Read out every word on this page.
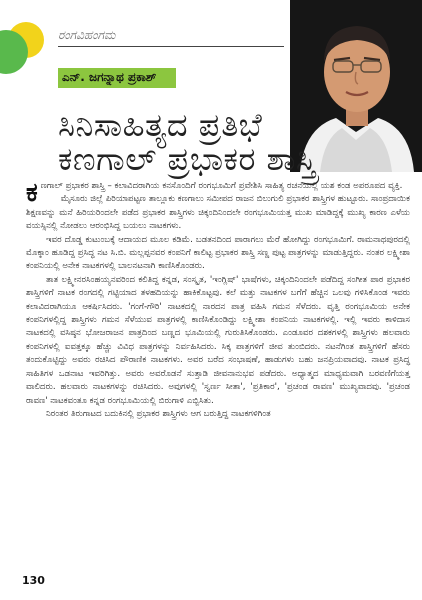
ರಂಗವಿಹಂಗಮ
ಎನ್. ಜಗನ್ನಾಥ ಪ್ರಕಾಶ್
ಸಿನಿಸಾಹಿತ್ಯದ ಪ್ರತಿಭೆ
ಕಣಗಾಲ್ ಪ್ರಭಾಕರ ಶಾಸ್ತ್ರಿ

ಕಣಗಾಲ್ ಪ್ರಭಾಕರ ಶಾಸ್ತ್ರಿ – ಕಲಾವಿದರಾಗಿಯ ಕನಸೊಂದಿಗೆ ರಂಗಭೂಮಿಗೆ ಪ್ರವೇಶಿಸಿ ಸಾಹಿತ್ಯ ರಚನೆಯಲ್ಲಿ ಯಶ ಕಂಡ ಅಪರೂಪದ ವ್ಯಕ್ತಿ.

ಮೈಸೂರು ಜಿಲ್ಲೆ ಪಿರಿಯಾಪಟ್ಟಣ ತಾಲ್ಲೂಕು ಕಣಗಾಲು ಸಮೀಪದ ರಾಜನ ಬಿಲುಗುಲಿ ಪ್ರಭಾಕರ ಶಾಸ್ತ್ರಿಗಳ ಹುಟ್ಟೂರು. ಸಾಂಪ್ರದಾಯಿಕ ಶಿಕ್ಷಣವನ್ನು ಮನೆ ಹಿರಿಯರಿಂದಲೇ ಪಡೆದ ಪ್ರಭಾಕರ ಶಾಸ್ತ್ರಿಗಳು ಚಿಕ್ಕಂದಿನಿಂದಲೇ ರಂಗಭೂಮಿಯತ್ತ ಮುಖ ಮಾಡಿದ್ದಕ್ಕೆ ಮುಖ್ಯ ಕಾರಣ ಎಳೆಯ ವಯಸ್ಸಿನಲ್ಲಿ ನೋಡಲು ಆರಂಭಿಸಿದ್ದ ಬಯಲು ನಾಟಕಗಳು.

ಇವರ ದೊಡ್ಡ ಕುಟುಂಬಕ್ಕೆ ಆದಾಯದ ಮೂಲ ಕಡಿಮೆ. ಬಡತನದಿಂದ ಪಾರಾಗಲು ಮೆರೆ ಹೋಗಿದ್ದು ರಂಗಭೂಮಿಗೆ. ರಾಮನಾಥಪುರದಲ್ಲಿ ಮೊಕ್ಕಾಂ ಹೂಡಿದ್ದ ಪ್ರಸಿದ್ಧ ನಟ ಸಿ.ಬಿ. ಮಲ್ಲಪ್ಪನವರ ಕಂಪನಿಗೆ ಕಾಲಿಟ್ಟ ಪ್ರಭಾಕರ ಶಾಸ್ತ್ರಿ ಸಣ್ಣ ಪುಟ್ಟ ಪಾತ್ರಗಳನ್ನು ಮಾಡುತ್ತಿದ್ದರು. ನಂತರ ಲಕ್ಷ್ಮೀಶಾ ಕಂಪನಿಯಲ್ಲಿ ಅನೇಕ ನಾಟಕಗಳಲ್ಲಿ ಬಾಲನಟನಾಗಿ ಕಾಣಿಸಿಕೊಂಡರು.

ತಾತ ಲಕ್ಷ್ಮೀನರಸಿಂಹಯ್ಯನವರಿಂದ ಕಲಿತಿದ್ದ ಕನ್ನಡ, ಸಂಸ್ಕೃತ, 'ಇಂಗ್ಲಿಷ್' ಭಾಷೆಗಳು, ಚಿಕ್ಕಂದಿನಿಂದಲೇ ಪಡೆದಿದ್ದ ಸಂಗೀತ ಪಾಠ ಪ್ರಭಾಕರ ಶಾಸ್ತ್ರಿಗಳಿಗೆ ನಾಟಕ ರಂಗದಲ್ಲಿ ಗಟ್ಟಿಯಾದ ತಳಹದಿಯನ್ನು ಹಾಕಿಕೊಟ್ಟವು. ಕಲೆ ಮತ್ತು ನಾಟಕಗಳ ಬಗೆಗೆ ಹೆಚ್ಚಿನ ಒಲವು ಗಳಿಸಿಕೊಂಡ ಇವರು ಕಲಾವಿದರಾಗಿಯೂ ಆಕರ್ಷಿಸಿದರು. 'ಗಂಗೆ-ಗೌರಿ' ನಾಟಕದಲ್ಲಿ ನಾರದನ ಪಾತ್ರ ವಹಿಸಿ ಗಮನ ಸೆಳೆದರು. ವೃತ್ತಿ ರಂಗಭೂಮಿಯ ಅನೇಕ ಕಂಪನಿಗಳಲ್ಲಿದ್ದ ಶಾಸ್ತ್ರಿಗಳು ಗಮನ ಸೆಳೆಯುವ ಪಾತ್ರಗಳಲ್ಲಿ ಕಾಣಿಸಿಕೊಂಡಿದ್ದು ಲಕ್ಷ್ಮೀಶಾ ಕಂಪನಿಯ ನಾಟಕಗಳಲ್ಲಿ. ಇಲ್ಲಿ ಇವರು ಕಾಳಿದಾಸ ನಾಟಕದಲ್ಲಿ ವಸಿಷ್ಠನ ಭೋಜರಾಜನ ಪಾತ್ರದಿಂದ ಬಣ್ಣದ ಭೂಮಿಯಲ್ಲಿ ಗುರುತಿಸಿಕೊಂಡರು. ಎಂಡೂವರ ದಶಕಗಳಲ್ಲಿ ಶಾಸ್ತ್ರಿಗಳು ಹಲವಾರು ಕಂಪನಿಗಳಲ್ಲಿ ಐವತ್ತಕ್ಕೂ ಹೆಚ್ಚು ವಿವಿಧ ಪಾತ್ರಗಳನ್ನು ನಿರ್ವಹಿಸಿದರು. ಸಿಕ್ಕ ಪಾತ್ರಗಳಿಗೆ ಜೀವ ತುಂಬಿದರು. ನಟನೆಗಿಂತ ಶಾಸ್ತ್ರಿಗಳಿಗೆ ಹೆಸರು ತಂದುಕೊಟ್ಟಿದ್ದು ಅವರು ರಚಿಸಿದ ಪೌರಾಣಿಕ ನಾಟಕಗಳು. ಅವರ ಬರೆದ ಸಂಭಾಷಣೆ, ಹಾಡುಗಳು ಬಹು ಜನಪ್ರಿಯವಾದವು. ನಾಟಕ ಪ್ರಸಿದ್ಧ ಸಾಹಿತಿಗಳ ಒಡನಾಟ ಇವರಿಗಿತ್ತು. ಅವರು ಅವರೊಡನೆ ಸುತ್ತಾಡಿ ಜೀವನಾನುಭವ ಪಡೆದರು. ಅಧ್ಯಾತ್ಮದ ಮಾಧ್ಯಮವಾಗಿ ಬರವಣಿಗೆಯತ್ತ ವಾಲಿದರು. ಹಲವಾರು ನಾಟಕಗಳನ್ನು ರಚಿಸಿದರು. ಅವುಗಳಲ್ಲಿ 'ಸ್ವರ್ಣ ಸೀತಾ', 'ಪ್ರತಿಕಾರ', 'ಪ್ರಚಂಡ ರಾವಣ' ಮುಖ್ಯವಾದವು. 'ಪ್ರಚಂಡ ರಾವಣ' ನಾಟಕವಂತೂ ಕನ್ನಡ ರಂಗಭೂಮಿಯಲ್ಲಿ ಬಿರುಗಾಳಿ ಎಬ್ಬಿಸಿತು.

ನಿರಂತರ ತಿರುಗಾಟದ ಬದುಕಿನಲ್ಲಿ ಪ್ರಭಾಕರ ಶಾಸ್ತ್ರಿಗಳು ಆಗ ಬರುತ್ತಿದ್ದ ನಾಟಕಗಳಿಗಿಂತ

130
